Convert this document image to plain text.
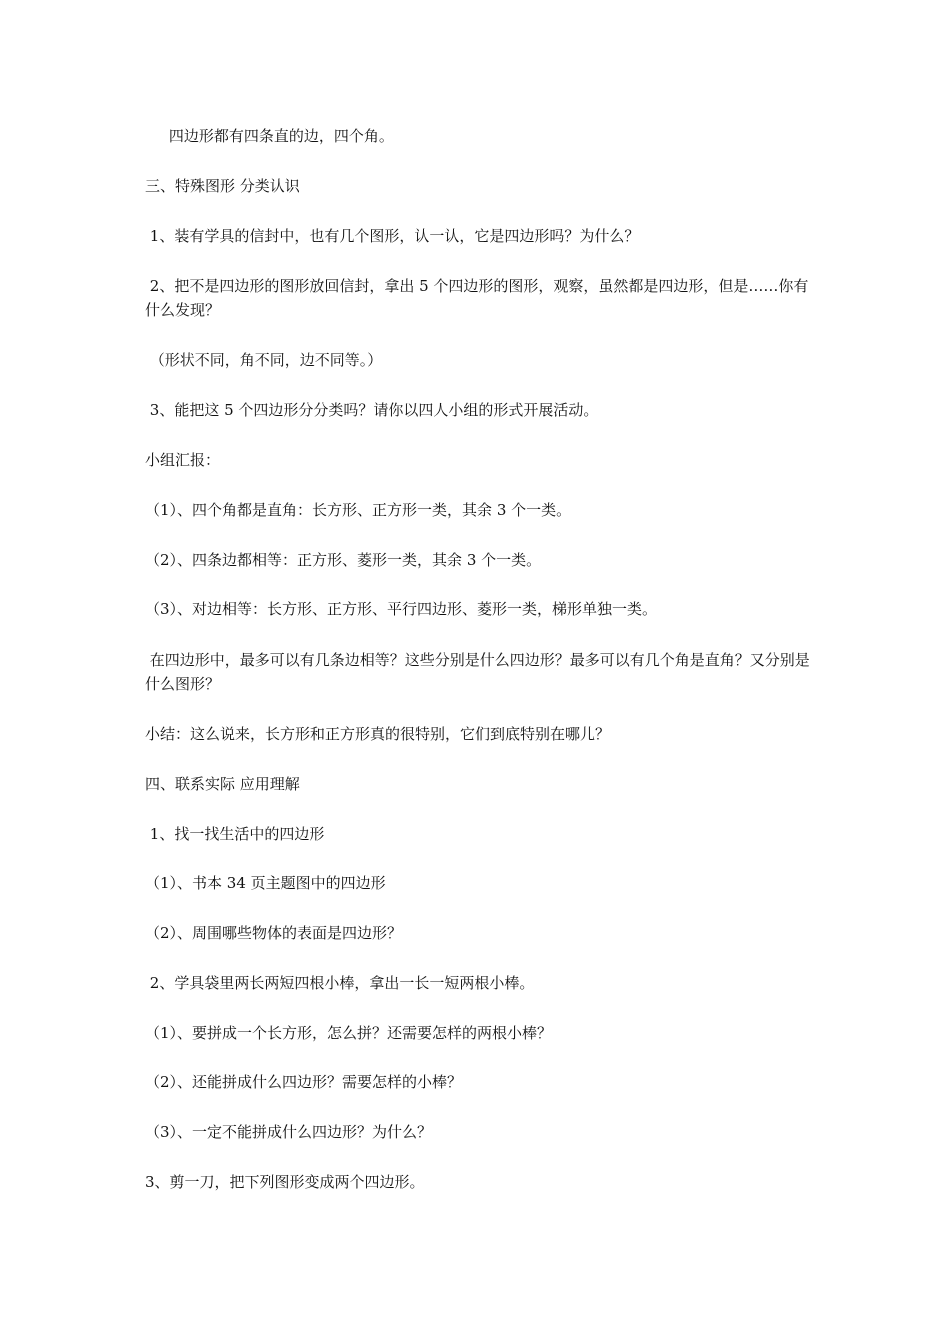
四边形都有四条直的边，四个角。

三、特殊图形 分类认识

1、装有学具的信封中，也有几个图形，认一认，它是四边形吗？为什么？

2、把不是四边形的图形放回信封，拿出 5 个四边形的图形，观察，虽然都是四边形，但是……你有什么发现？

（形状不同，角不同，边不同等。）

3、能把这 5 个四边形分分类吗？请你以四人小组的形式开展活动。

小组汇报：

（1）、四个角都是直角：长方形、正方形一类，其余 3 个一类。

（2）、四条边都相等：正方形、菱形一类，其余 3 个一类。

（3）、对边相等：长方形、正方形、平行四边形、菱形一类，梯形单独一类。

在四边形中，最多可以有几条边相等？这些分别是什么四边形？最多可以有几个角是直角？又分别是什么图形？

小结：这么说来，长方形和正方形真的很特别，它们到底特别在哪儿？

四、联系实际 应用理解

1、找一找生活中的四边形

（1）、书本 34 页主题图中的四边形

（2）、周围哪些物体的表面是四边形？

2、学具袋里两长两短四根小棒，拿出一长一短两根小棒。

（1）、要拼成一个长方形，怎么拼？还需要怎样的两根小棒？

（2）、还能拼成什么四边形？需要怎样的小棒？

（3）、一定不能拼成什么四边形？为什么？

3、剪一刀，把下列图形变成两个四边形。
